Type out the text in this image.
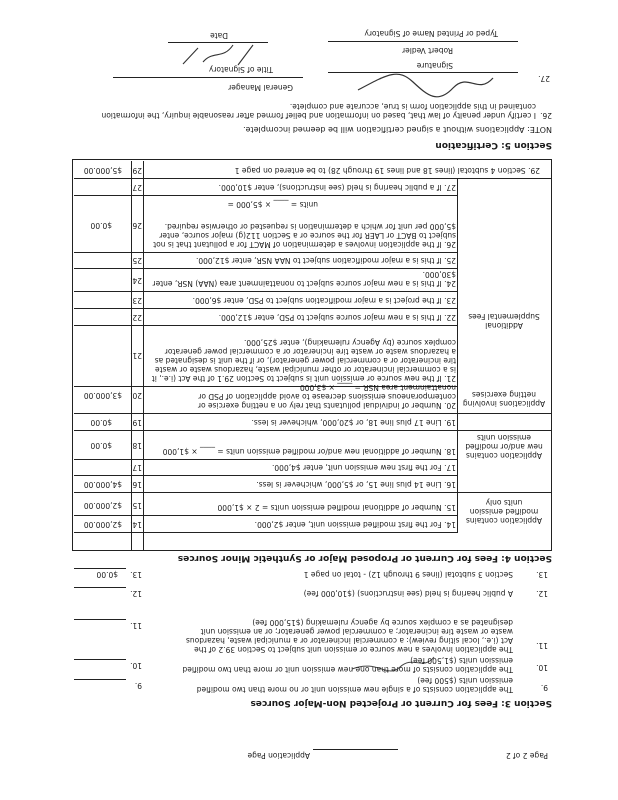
Section 5: Certification
NOTE: Applications without a signed certification will be deemed incomplete.
26.
I certify under penalty of law that, based on information and belief formed after reasonable inquiry, the information contained in this application form is true, accurate and complete.
27.
Signature
Robert Vedler
Typed or Printed Name of Signatory
General Manager
Title of Signatory
Date
29. Section 4 subtotal (lines 18 and lines 19 through 28) to be entered on page 1
29.
$5,000.00
27. If a public hearing is held (see instructions), enter $10,000.
27.
26. If the application involves a determination of MACT for a pollutant that is not subject to BACT or LAER for the source or a Section 112(g) major source, enter $5,000 per unit for which a determination is requested or otherwise required.
units = ____ × $5,000 =
26.
$0.00
25. If this is a major modification subject to NAA NSR, enter $12,000.
25.
24. If this is a new major source subject to nonattainment area (NAA) NSR, enter $30,000.
24.
23. If the project is a major modification subject to PSD, enter $6,000.
23.
22. If this is a new major source subject to PSD, enter $12,000.
22.
21. If the new source or emission unit is subject to Section 29.1 of the Act (i.e., it is a commercial incinerator or other municipal waste, hazardous waste or waste tire incinerator or a commercial power generator), or if the unit is designated as a hazardous waste or waste tire incinerator or a commercial power generator complex source (by Agency rulemaking), enter $25,000.
21.
Additional Supplemental Fees
20. Number of individual pollutants that rely on a netting exercise or contemporaneous emissions decrease to avoid application of PSD or nonattainment area NSR = ____ × $3,000
20.
$3,000.00
Applications involving netting exercises
19. Line 17 plus line 18, or $20,000, whichever is less.
19.
$0.00
18. Number of additional new and/or modified emission units = ____ × $1,000
18.
$0.00
17. For the first new emission unit, enter $4,000.
17.
Application contains new and/or modified emission units
16. Line 14 plus line 15, or $5,000, whichever is less.
16.
$4,000.00
15. Number of additional modified emission units = 2 × $1,000
15.
$2,000.00
14. For the first modified emission unit, enter $2,000.
14.
$2,000.00	Application contains modified emission units only
Section 4: Fees for Current or Proposed Major or Synthetic Minor Sources
13.
Section 3 subtotal (lines 9 through 12) - total on page 1
13.
$0.00
12.
A public hearing is held (see instructions) ($10,000 fee)
12.
11.
The application involves a new source or emission unit subject to Section 39.2 of the Act (i.e., local siting review): a commercial incinerator or a municipal waste, hazardous waste or waste tire incinerator; a commercial power generator; or an emission unit designated as a complex source by agency rulemaking ($15,000 fee)
11.
10.
The application consists of more than one new emission unit or more than two modified emission units ($1,500 fee)
10.
9.
The application consists of a single new emission unit or no more than two modified emission units ($500 fee)
9.
Section 3: Fees for Current or Projected Non-Major Sources
Page 2 of 2
Application Page
